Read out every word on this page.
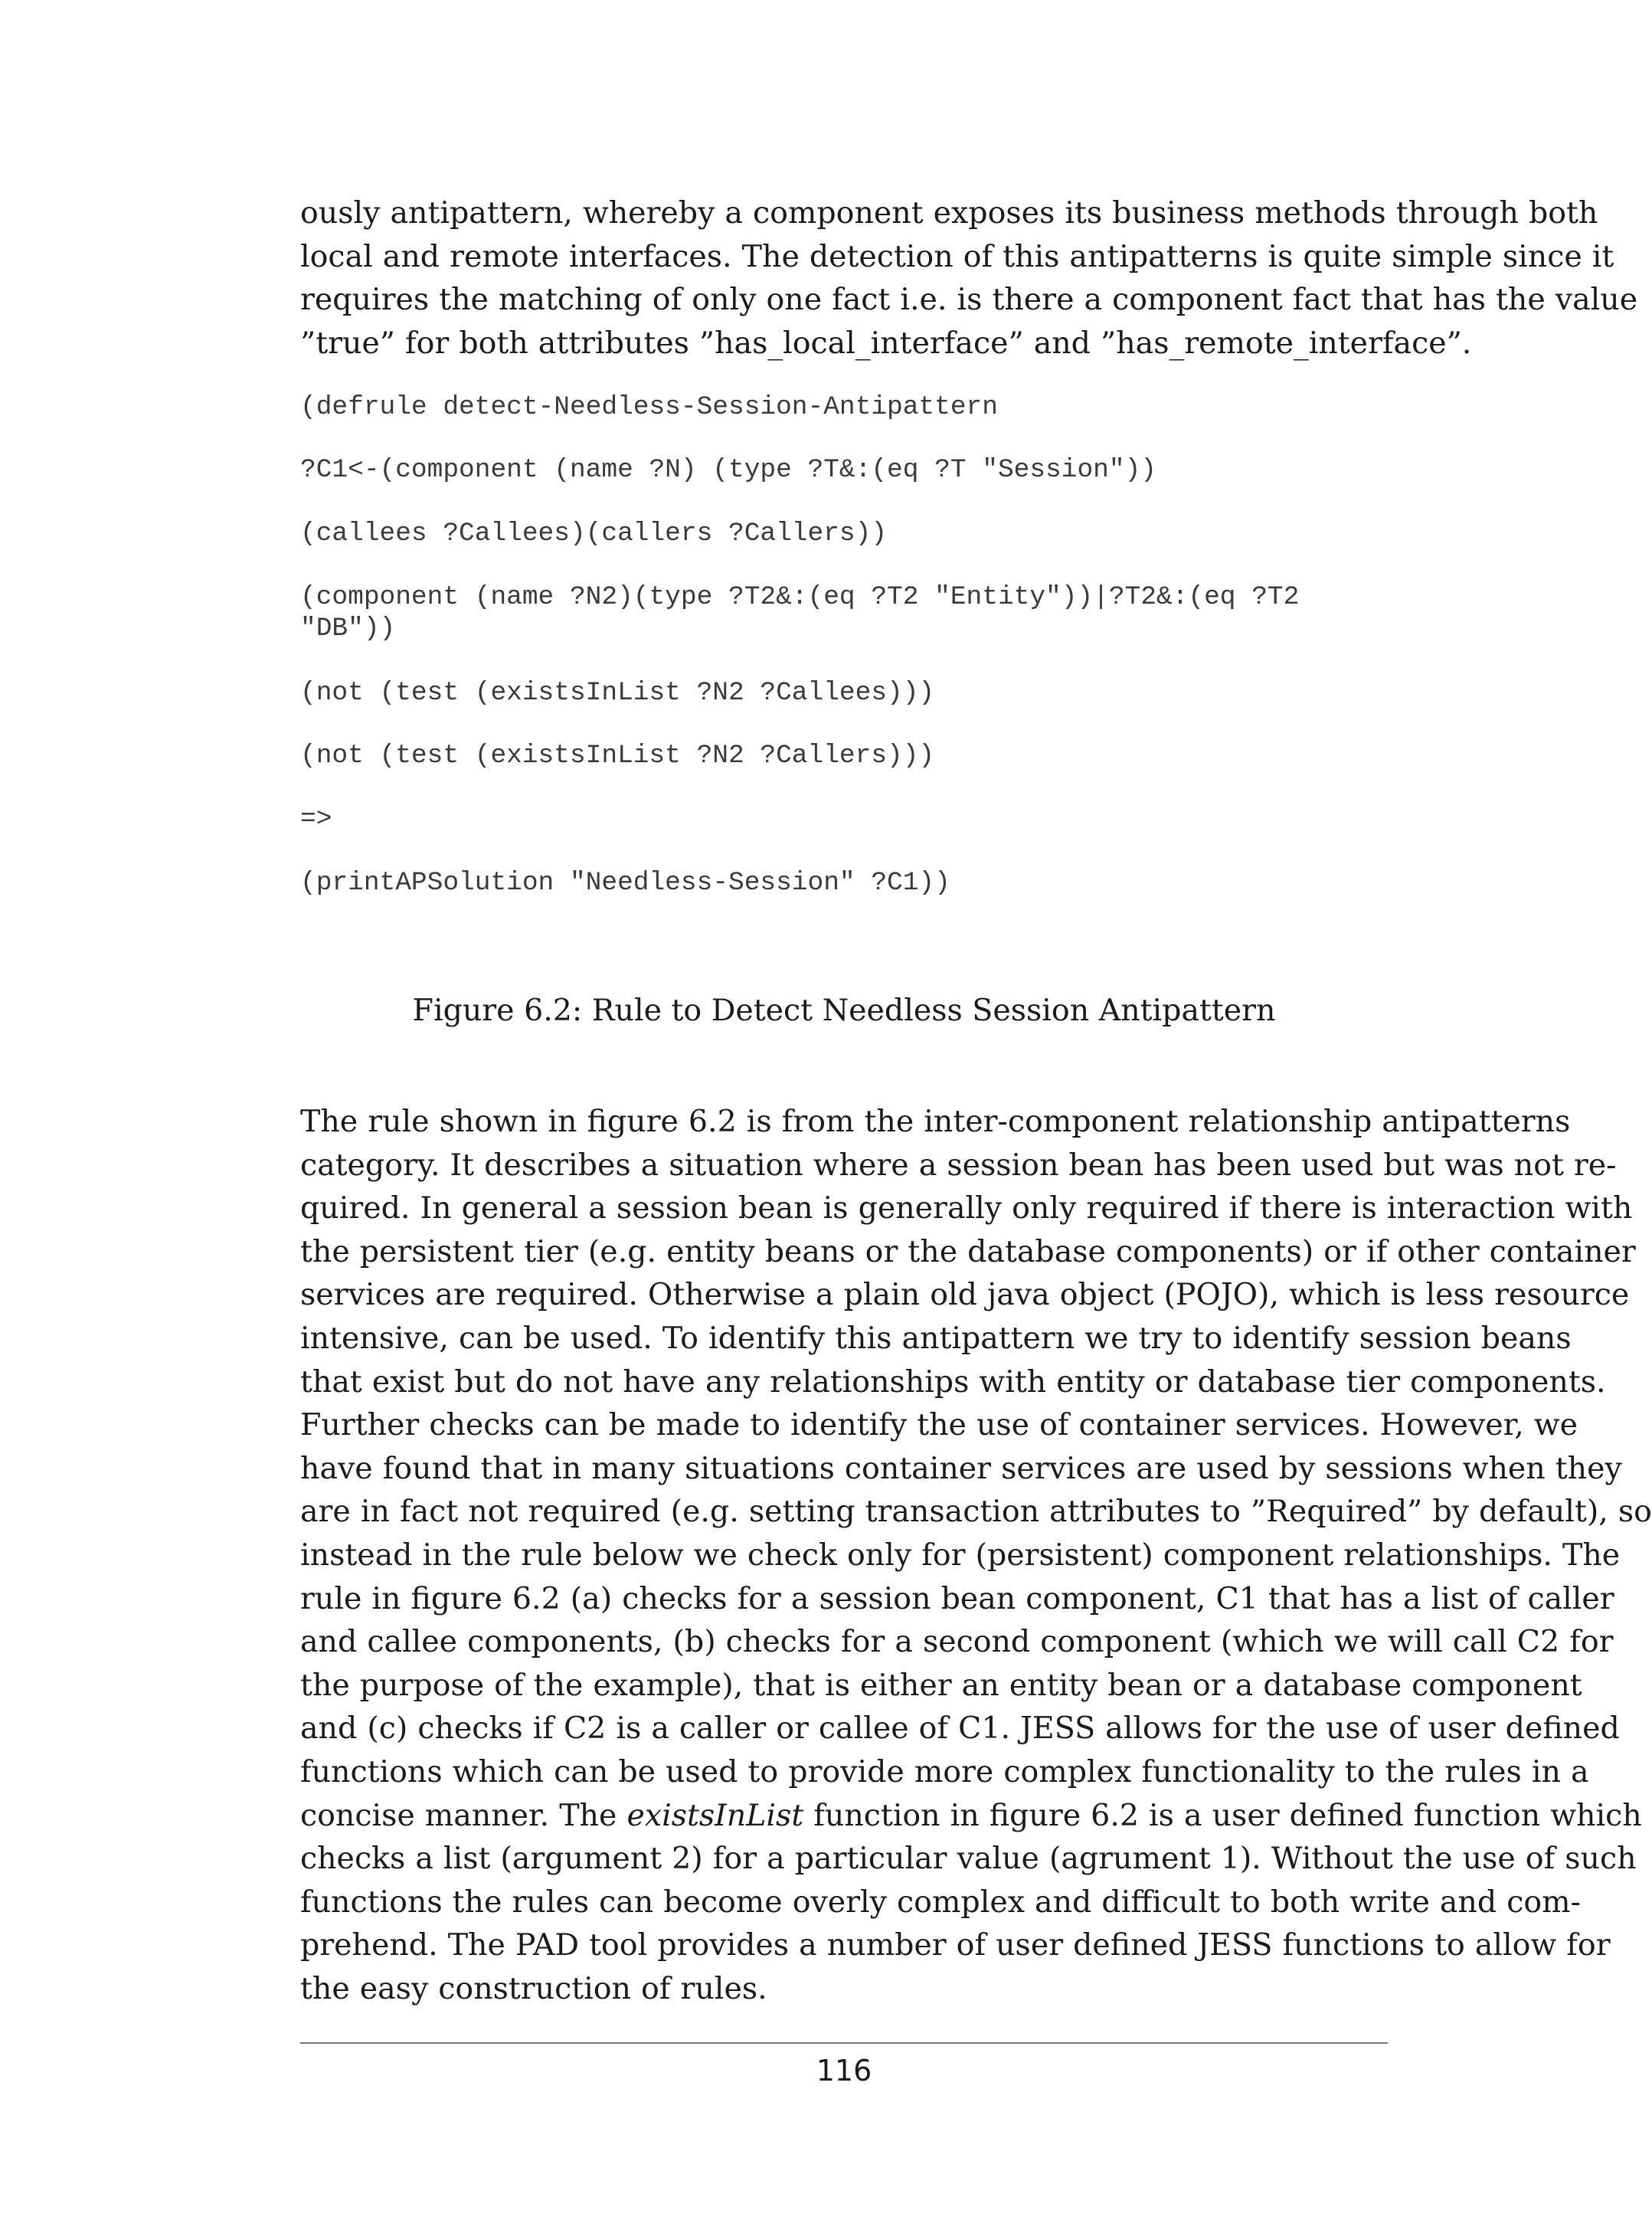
ously antipattern, whereby a component exposes its business methods through both
local and remote interfaces. The detection of this antipatterns is quite simple since it
requires the matching of only one fact i.e. is there a component fact that has the value
”true” for both attributes ”has_local_interface” and ”has_remote_interface”.

(defrule detect-Needless-Session-Antipattern
?C1<-(component (name ?N) (type ?T&:(eq ?T "Session"))
(callees ?Callees)(callers ?Callers))
(component (name ?N2)(type ?T2&:(eq ?T2 "Entity"))|?T2&:(eq ?T2
"DB"))
(not (test (existsInList ?N2 ?Callees)))
(not (test (existsInList ?N2 ?Callers)))
=>
(printAPSolution "Needless-Session" ?C1))
Figure 6.2: Rule to Detect Needless Session Antipattern

The rule shown in figure 6.2 is from the inter-component relationship antipatterns
category. It describes a situation where a session bean has been used but was not re-
quired. In general a session bean is generally only required if there is interaction with
the persistent tier (e.g. entity beans or the database components) or if other container
services are required. Otherwise a plain old java object (POJO), which is less resource
intensive, can be used. To identify this antipattern we try to identify session beans
that exist but do not have any relationships with entity or database tier components.
Further checks can be made to identify the use of container services. However, we
have found that in many situations container services are used by sessions when they
are in fact not required (e.g. setting transaction attributes to ”Required” by default), so
instead in the rule below we check only for (persistent) component relationships. The
rule in figure 6.2 (a) checks for a session bean component, C1 that has a list of caller
and callee components, (b) checks for a second component (which we will call C2 for
the purpose of the example), that is either an entity bean or a database component
and (c) checks if C2 is a caller or callee of C1. JESS allows for the use of user defined
functions which can be used to provide more complex functionality to the rules in a
concise manner. The existsInList function in figure 6.2 is a user defined function which
checks a list (argument 2) for a particular value (agrument 1). Without the use of such
functions the rules can become overly complex and difficult to both write and com-
prehend. The PAD tool provides a number of user defined JESS functions to allow for
the easy construction of rules.

116
